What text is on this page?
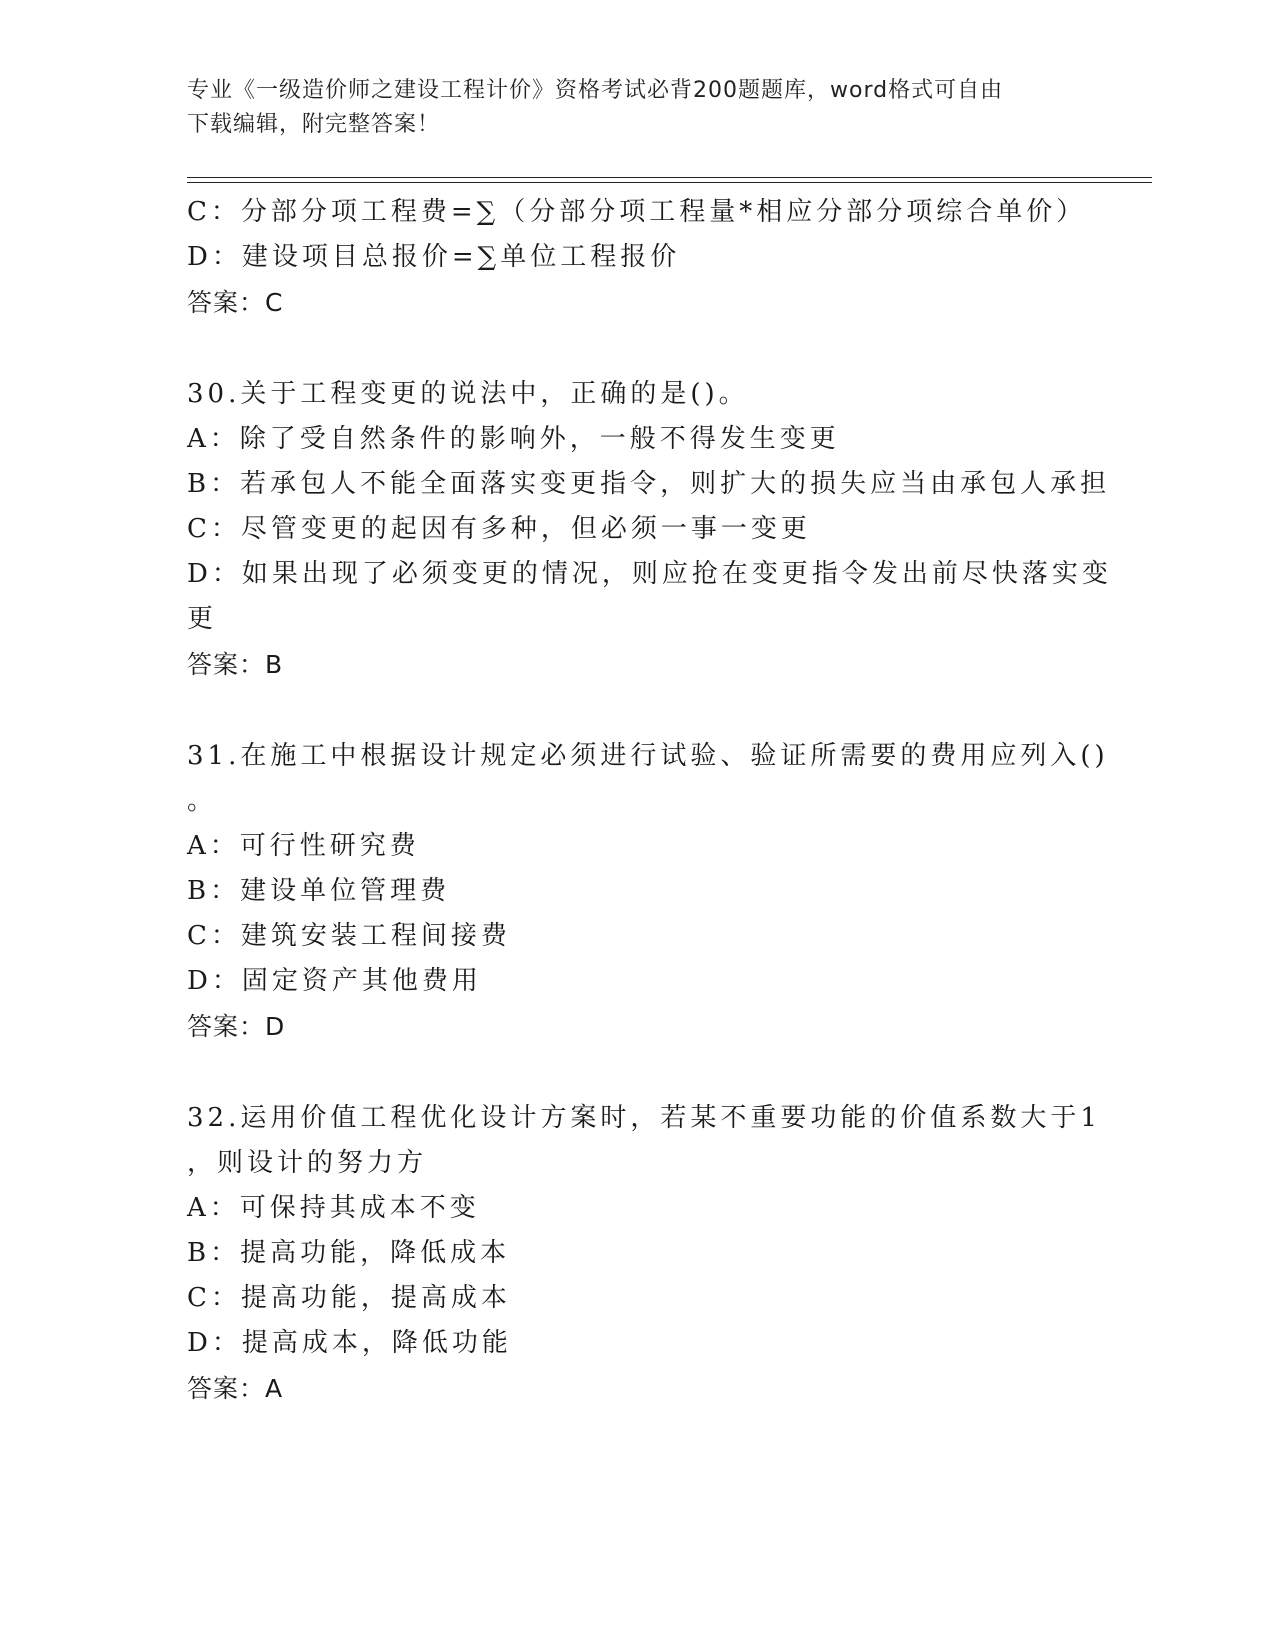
专业《一级造价师之建设工程计价》资格考试必背200题题库，word格式可自由
下载编辑，附完整答案！
C：分部分项工程费=∑（分部分项工程量*相应分部分项综合单价）
D：建设项目总报价=∑单位工程报价
答案：C
30.关于工程变更的说法中，正确的是()。
A：除了受自然条件的影响外，一般不得发生变更
B：若承包人不能全面落实变更指令，则扩大的损失应当由承包人承担
C：尽管变更的起因有多种，但必须一事一变更
D：如果出现了必须变更的情况，则应抢在变更指令发出前尽快落实变
更
答案：B
31.在施工中根据设计规定必须进行试验、验证所需要的费用应列入()
。
A：可行性研究费
B：建设单位管理费
C：建筑安装工程间接费
D：固定资产其他费用
答案：D
32.运用价值工程优化设计方案时，若某不重要功能的价值系数大于1
，则设计的努力方
A：可保持其成本不变
B：提高功能，降低成本
C：提高功能，提高成本
D：提高成本，降低功能
答案：A
